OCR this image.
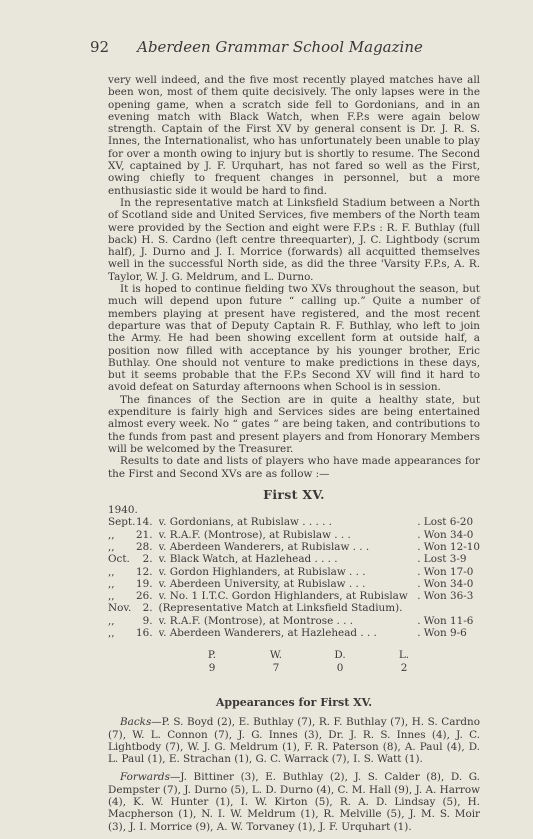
92	Aberdeen Grammar School Magazine

very well indeed, and the five most recently played matches have all been won, most of them quite decisively. The only lapses were in the opening game, when a scratch side fell to Gordonians, and in an evening match with Black Watch, when F.P.s were again below strength. Captain of the First XV by general consent is Dr. J. R. S. Innes, the Internationalist, who has unfortunately been unable to play for over a month owing to injury but is shortly to resume. The Second XV, captained by J. F. Urquhart, has not fared so well as the First, owing chiefly to frequent changes in personnel, but a more enthusiastic side it would be hard to find.

In the representative match at Linksfield Stadium between a North of Scotland side and United Services, five members of the North team were provided by the Section and eight were F.P.s : R. F. Buthlay (full back) H. S. Cardno (left centre threequarter), J. C. Lightbody (scrum half), J. Durno and J. I. Morrice (forwards) all acquitted themselves well in the successful North side, as did the three 'Varsity F.P.s, A. R. Taylor, W. J. G. Meldrum, and L. Durno.

It is hoped to continue fielding two XVs throughout the season, but much will depend upon future “ calling up.” Quite a number of members playing at present have registered, and the most recent departure was that of Deputy Captain R. F. Buthlay, who left to join the Army. He had been showing excellent form at outside half, a position now filled with acceptance by his younger brother, Eric Buthlay. One should not venture to make predictions in these days, but it seems probable that the F.P.s Second XV will find it hard to avoid defeat on Saturday afternoons when School is in session.

The finances of the Section are in quite a healthy state, but expenditure is fairly high and Services sides are being entertained almost every week. No “ gates ” are being taken, and contributions to the funds from past and present players and from Honorary Members will be welcomed by the Treasurer.

Results to date and lists of players who have made appearances for the First and Second XVs are as follow :—

First XV.
1940.
Sept.	14.	v. Gordonians, at Rubislaw . . . . .	. Lost 6-20
,,	21.	v. R.A.F. (Montrose), at Rubislaw . . .	. Won 34-0
,,	28.	v. Aberdeen Wanderers, at Rubislaw . . .	. Won 12-10
Oct.	2.	v. Black Watch, at Hazlehead . . . .	. Lost 3-9
,,	12.	v. Gordon Highlanders, at Rubislaw . . .	. Won 17-0
,,	19.	v. Aberdeen University, at Rubislaw . . .	. Won 34-0
,,	26.	v. No. 1 I.T.C. Gordon Highlanders, at Rubislaw	. Won 36-3
Nov.	2.	(Representative Match at Linksfield Stadium).	
,,	9.	v. R.A.F. (Montrose), at Montrose . . .	. Won 11-6
,,	16.	v. Aberdeen Wanderers, at Hazlehead . . .	. Won 9-6
P.	W.	D.	L.
9	7	0	2
Appearances for First XV.

Backs—P. S. Boyd (2), E. Buthlay (7), R. F. Buthlay (7), H. S. Cardno (7), W. L. Connon (7), J. G. Innes (3), Dr. J. R. S. Innes (4), J. C. Lightbody (7), W. J. G. Meldrum (1), F. R. Paterson (8), A. Paul (4), D. L. Paul (1), E. Strachan (1), G. C. Warrack (7), I. S. Watt (1).

Forwards—J. Bittiner (3), E. Buthlay (2), J. S. Calder (8), D. G. Dempster (7), J. Durno (5), L. D. Durno (4), C. M. Hall (9), J. A. Harrow (4), K. W. Hunter (1), I. W. Kirton (5), R. A. D. Lindsay (5), H. Macpherson (1), N. I. W. Meldrum (1), R. Melville (5), J. M. S. Moir (3), J. I. Morrice (9), A. W. Torvaney (1), J. F. Urquhart (1).
